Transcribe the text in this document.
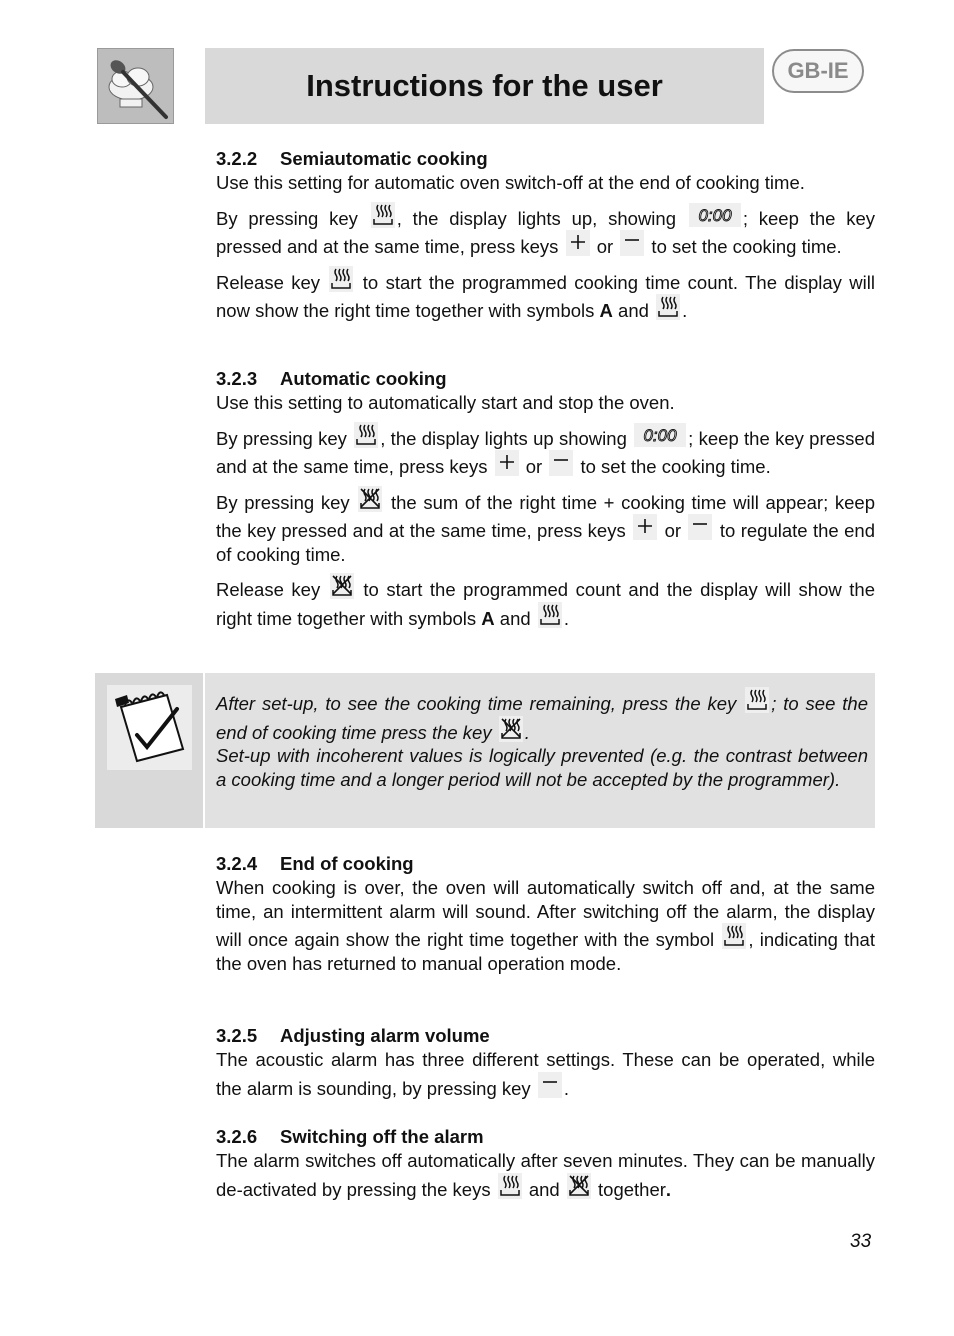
Instructions for the user	GB-IE
3.2.2 Semiautomatic cooking

Use this setting for automatic oven switch-off at the end of cooking time.

By pressing key
, the display lights up, showing 0:00 ; keep the key pressed and at the same time, press keys
or
to set the cooking time.

Release key
to start the programmed cooking time count. The display will now show the right time together with symbols A and
.

3.2.3 Automatic cooking

Use this setting to automatically start and stop the oven.

By pressing key
, the display lights up showing 0:00 ; keep the key pressed and at the same time, press keys
or
to set the cooking time.

By pressing key
the sum of the right time + cooking time will appear; keep the key pressed and at the same time, press keys
or
to regulate the end of cooking time.

Release key
to start the programmed count and the display will show the right time together with symbols A and
.

After set-up, to see the cooking time remaining, press the key
; to see the end of cooking time press the key
.

Set-up with incoherent values is logically prevented (e.g. the contrast between a cooking time and a longer period will not be accepted by the programmer).

3.2.4 End of cooking

When cooking is over, the oven will automatically switch off and, at the same time, an intermittent alarm will sound. After switching off the alarm, the display will once again show the right time together with the symbol
, indicating that the oven has returned to manual operation mode.

3.2.5 Adjusting alarm volume

The acoustic alarm has three different settings. These can be operated, while the alarm is sounding, by pressing key
.

3.2.6 Switching off the alarm

The alarm switches off automatically after seven minutes. They can be manually de-activated by pressing the keys
and
together.

33
